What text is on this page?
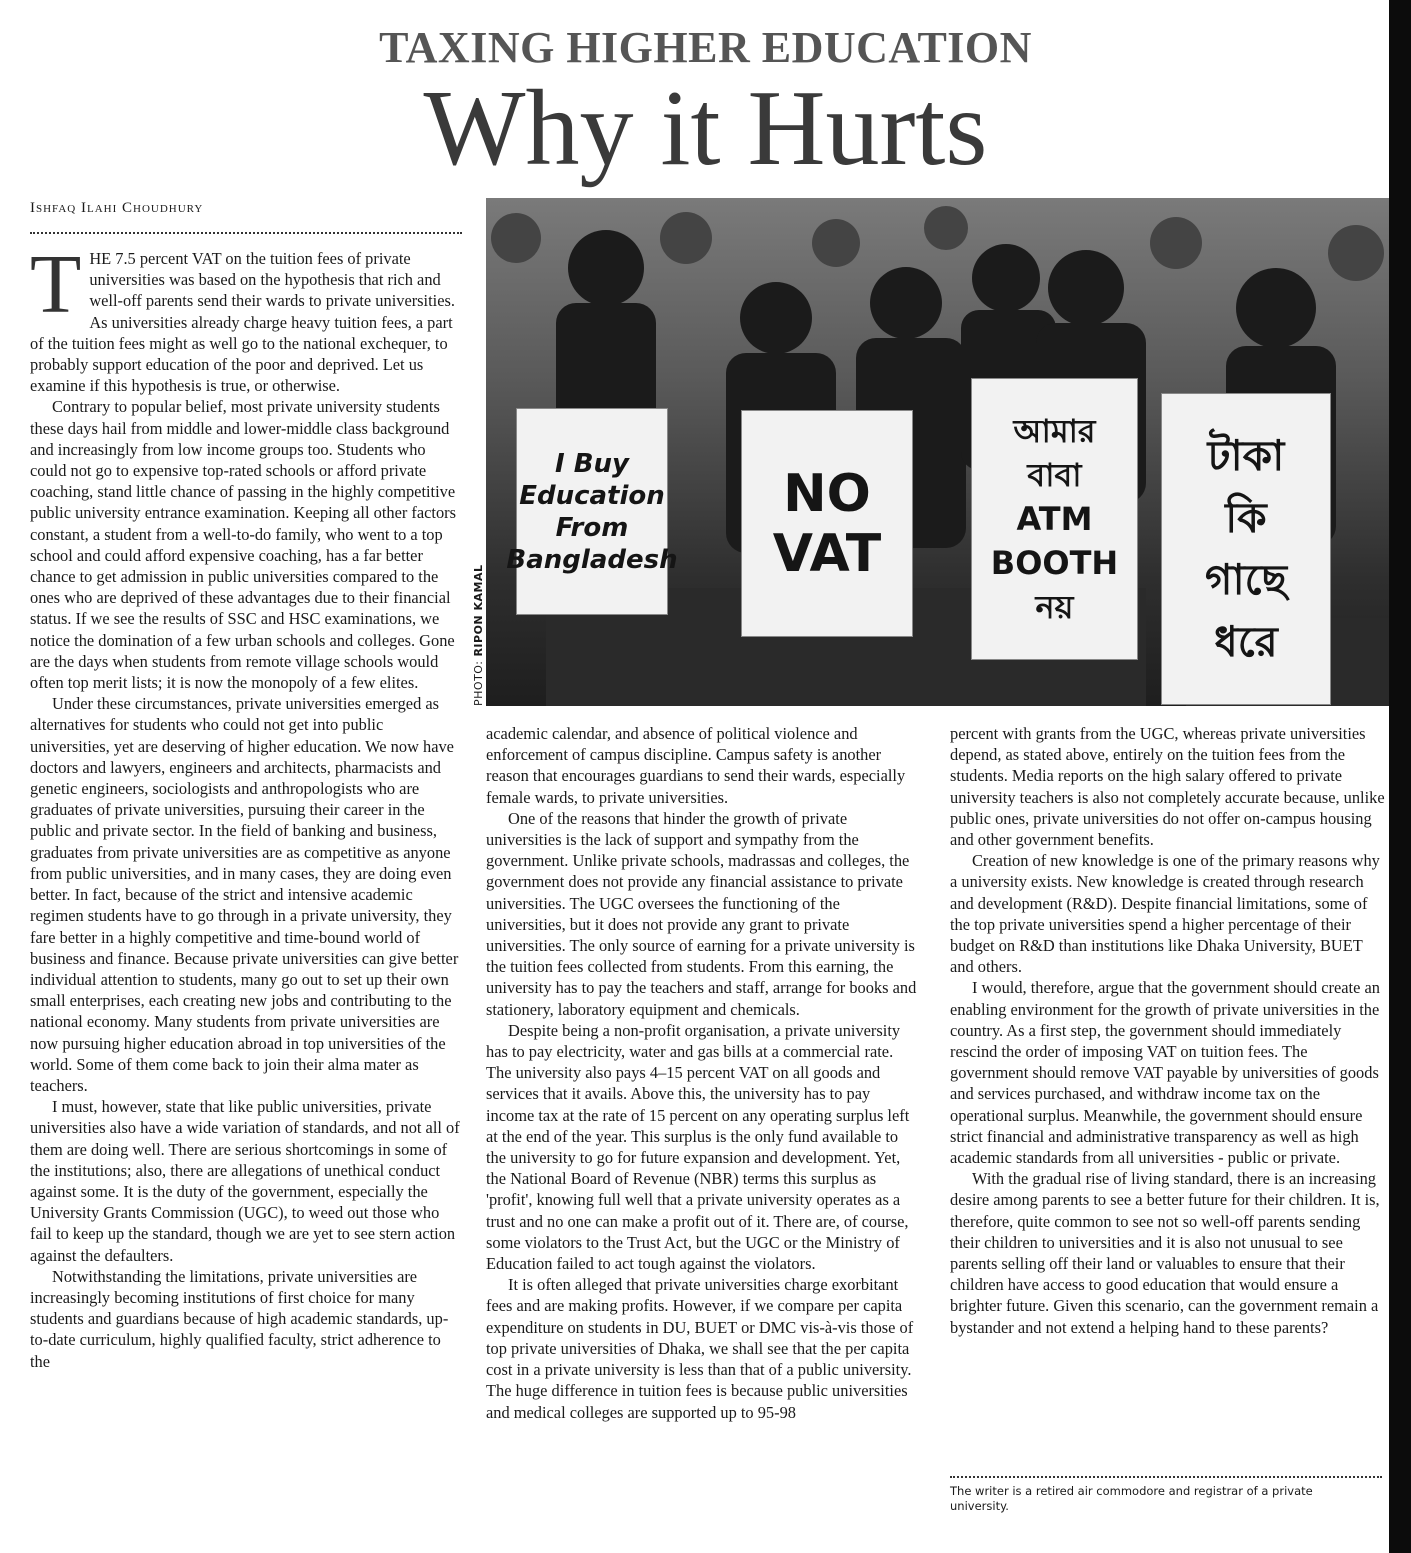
TAXING HIGHER EDUCATION
Why it Hurts
Ishfaq Ilahi Choudhury
I Buy
Education
From
Bangladesh
NO VAT
আমার
বাবা
ATM
BOOTH নয়
টাকা
কি
গাছে
ধরে
PHOTO: RIPON KAMAL

THE 7.5 percent VAT on the tuition fees of private universities was based on the hypothesis that rich and well-off parents send their wards to private universities. As universities already charge heavy tuition fees, a part of the tuition fees might as well go to the national exchequer, to probably support education of the poor and deprived. Let us examine if this hypothesis is true, or otherwise.

Contrary to popular belief, most private university students these days hail from middle and lower-middle class background and increasingly from low income groups too. Students who could not go to expensive top-rated schools or afford private coaching, stand little chance of passing in the highly competitive public university entrance examination. Keeping all other factors constant, a student from a well-to-do family, who went to a top school and could afford expensive coaching, has a far better chance to get admission in public universities compared to the ones who are deprived of these advantages due to their financial status. If we see the results of SSC and HSC examinations, we notice the domination of a few urban schools and colleges. Gone are the days when students from remote village schools would often top merit lists; it is now the monopoly of a few elites.

Under these circumstances, private universities emerged as alternatives for students who could not get into public universities, yet are deserving of higher education. We now have doctors and lawyers, engineers and architects, pharmacists and genetic engineers, sociologists and anthropologists who are graduates of private universities, pursuing their career in the public and private sector. In the field of banking and business, graduates from private universities are as competitive as anyone from public universities, and in many cases, they are doing even better. In fact, because of the strict and intensive academic regimen students have to go through in a private university, they fare better in a highly competitive and time-bound world of business and finance. Because private universities can give better individual attention to students, many go out to set up their own small enterprises, each creating new jobs and contributing to the national economy. Many students from private universities are now pursuing higher education abroad in top universities of the world. Some of them come back to join their alma mater as teachers.

I must, however, state that like public universities, private universities also have a wide variation of standards, and not all of them are doing well. There are serious shortcomings in some of the institutions; also, there are allegations of unethical conduct against some. It is the duty of the government, especially the University Grants Commission (UGC), to weed out those who fail to keep up the standard, though we are yet to see stern action against the defaulters.

Notwithstanding the limitations, private universities are increasingly becoming institutions of first choice for many students and guardians because of high academic standards, up-to-date curriculum, highly qualified faculty, strict adherence to the

academic calendar, and absence of political violence and enforcement of campus discipline. Campus safety is another reason that encourages guardians to send their wards, especially female wards, to private universities.

One of the reasons that hinder the growth of private universities is the lack of support and sympathy from the government. Unlike private schools, madrassas and colleges, the government does not provide any financial assistance to private universities. The UGC oversees the functioning of the universities, but it does not provide any grant to private universities. The only source of earning for a private university is the tuition fees collected from students. From this earning, the university has to pay the teachers and staff, arrange for books and stationery, laboratory equipment and chemicals.

Despite being a non-profit organisation, a private university has to pay electricity, water and gas bills at a commercial rate. The university also pays 4–15 percent VAT on all goods and services that it avails. Above this, the university has to pay income tax at the rate of 15 percent on any operating surplus left at the end of the year. This surplus is the only fund available to the university to go for future expansion and development. Yet, the National Board of Revenue (NBR) terms this surplus as 'profit', knowing full well that a private university operates as a trust and no one can make a profit out of it. There are, of course, some violators to the Trust Act, but the UGC or the Ministry of Education failed to act tough against the violators.

It is often alleged that private universities charge exorbitant fees and are making profits. However, if we compare per capita expenditure on students in DU, BUET or DMC vis-à-vis those of top private universities of Dhaka, we shall see that the per capita cost in a private university is less than that of a public university. The huge difference in tuition fees is because public universities and medical colleges are supported up to 95-98

percent with grants from the UGC, whereas private universities depend, as stated above, entirely on the tuition fees from the students. Media reports on the high salary offered to private university teachers is also not completely accurate because, unlike public ones, private universities do not offer on-campus housing and other government benefits.

Creation of new knowledge is one of the primary reasons why a university exists. New knowledge is created through research and development (R&D). Despite financial limitations, some of the top private universities spend a higher percentage of their budget on R&D than institutions like Dhaka University, BUET and others.

I would, therefore, argue that the government should create an enabling environment for the growth of private universities in the country. As a first step, the government should immediately rescind the order of imposing VAT on tuition fees. The government should remove VAT payable by universities of goods and services purchased, and withdraw income tax on the operational surplus. Meanwhile, the government should ensure strict financial and administrative transparency as well as high academic standards from all universities - public or private.

With the gradual rise of living standard, there is an increasing desire among parents to see a better future for their children. It is, therefore, quite common to see not so well-off parents sending their children to universities and it is also not unusual to see parents selling off their land or valuables to ensure that their children have access to good education that would ensure a brighter future. Given this scenario, can the government remain a bystander and not extend a helping hand to these parents?

The writer is a retired air commodore and registrar of a private university.
